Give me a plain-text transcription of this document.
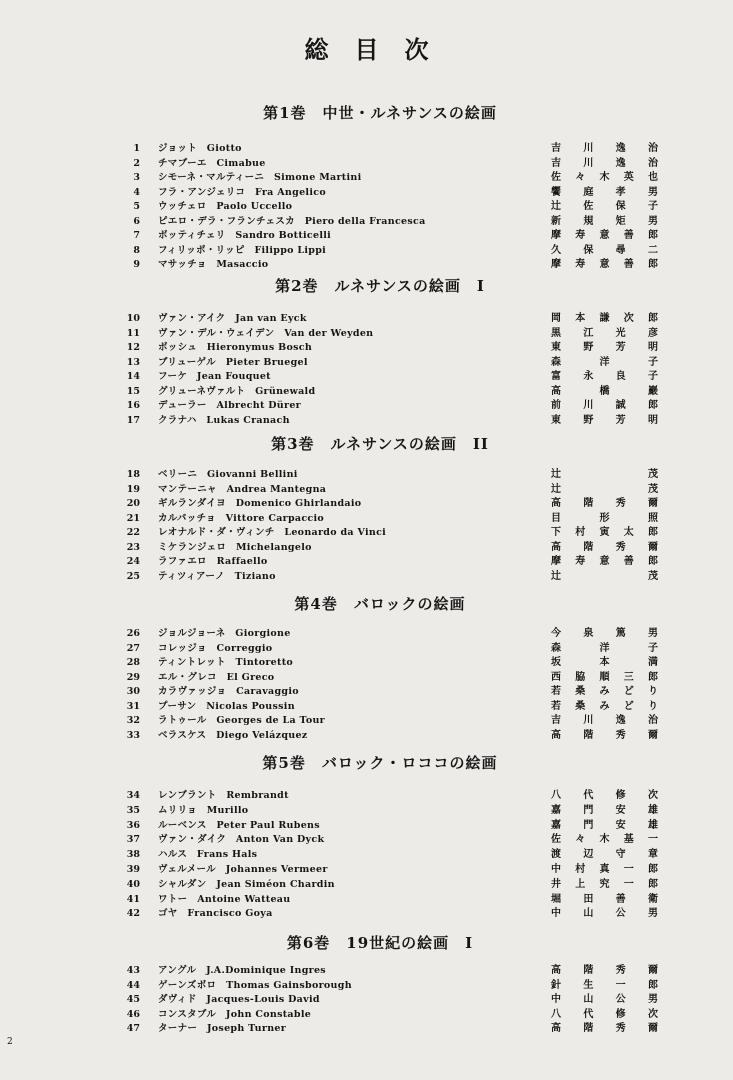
総目次
第1巻　中世・ルネサンスの絵画
1 ジョット　Giotto	吉 川 逸 治
2 チマブーエ　Cimabue	吉 川 逸 治
3 シモーネ・マルティーニ　Simone Martini	佐 々 木 英 也
4 フラ・アンジェリコ　Fra Angelico	饗 庭 孝 男
5 ウッチェロ　Paolo Uccello	辻 佐 保 子
6 ピエロ・デラ・フランチェスカ　Piero della Francesca	新 規 矩 男
7 ボッティチェリ　Sandro Botticelli	摩 寿 意 善 郎
8 フィリッポ・リッピ　Filippo Lippi	久 保 尋 二
9 マサッチョ　Masaccio	摩 寿 意 善 郎
第2巻　ルネサンスの絵画　I
10 ヴァン・アイク　Jan van Eyck	岡 本 謙 次 郎
11 ヴァン・デル・ウェイデン　Van der Weyden	黒 江 光 彦
12 ボッシュ　Hieronymus Bosch	東 野 芳 明
13 ブリューゲル　Pieter Bruegel	森	洋	子
14 フーケ　Jean Fouquet	富 永 良 子
15 グリューネヴァルト　Grünewald	高	橋	巖
16 デューラー　Albrecht Dürer	前 川 誠 郎
17 クラナハ　Lukas Cranach	東 野 芳 明
第3巻　ルネサンスの絵画　II
18 ベリーニ　Giovanni Bellini	辻	茂
19 マンテーニャ　Andrea Mantegna	辻	茂
20 ギルランダイヨ　Domenico Ghirlandaio	高 階 秀 爾
21 カルパッチョ　Vittore Carpaccio	目	形	照
22 レオナルド・ダ・ヴィンチ　Leonardo da Vinci	下 村 寅 太 郎
23 ミケランジェロ　Michelangelo	高 階 秀 爾
24 ラファエロ　Raffaello	摩 寿 意 善 郎
25 ティツィアーノ　Tiziano	辻	茂
第4巻　バロックの絵画
26 ジョルジョーネ　Giorgione	今 泉 篤 男
27 コレッジョ　Correggio	森	洋	子
28 ティントレット　Tintoretto	坂	本	満
29 エル・グレコ　El Greco	西 脇 順 三 郎
30 カラヴァッジョ　Caravaggio	若 桑 み ど り
31 プーサン　Nicolas Poussin	若 桑 み ど り
32 ラトゥール　Georges de La Tour	吉 川 逸 治
33 ベラスケス　Diego Velázquez	高 階 秀 爾
第5巻　バロック・ロココの絵画
34 レンブラント　Rembrandt	八 代 修 次
35 ムリリョ　Murillo	嘉 門 安 雄
36 ルーベンス　Peter Paul Rubens	嘉 門 安 雄
37 ヴァン・ダイク　Anton Van Dyck	佐 々 木 基 一
38 ハルス　Frans Hals	渡 辺 守 章
39 ヴェルメール　Johannes Vermeer	中 村 真 一 郎
40 シャルダン　Jean Siméon Chardin	井 上 究 一 郎
41 ワトー　Antoine Watteau	堀 田 善 衛
42 ゴヤ　Francisco Goya	中 山 公 男
第6巻　19世紀の絵画　I
43 アングル　J.A.Dominique Ingres	高 階 秀 爾
44 ゲーンズボロ　Thomas Gainsborough	針 生 一 郎
45 ダヴィド　Jacques-Louis David	中 山 公 男
46 コンスタブル　John Constable	八 代 修 次
47 ターナー　Joseph Turner	高 階 秀 爾
2
